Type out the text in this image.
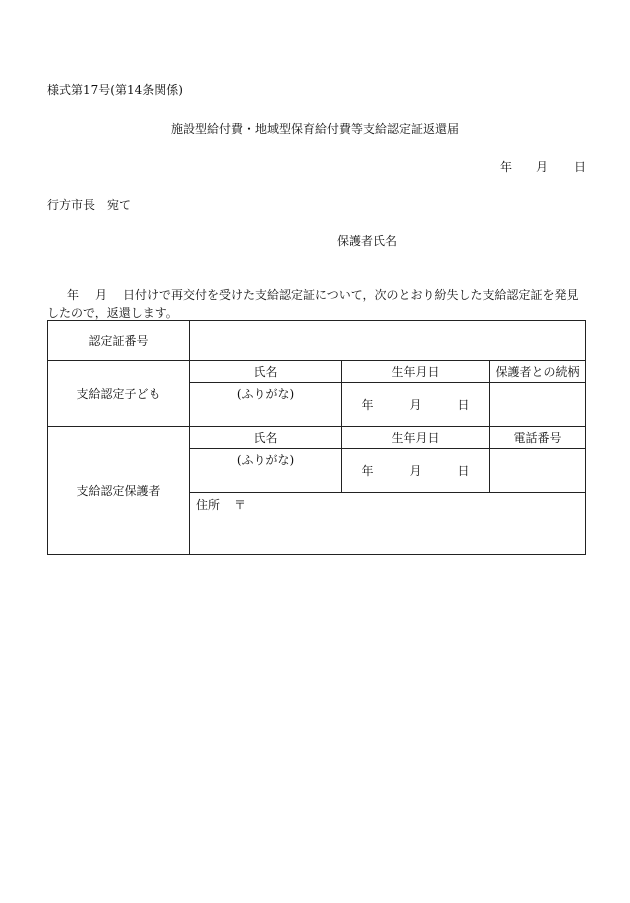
様式第17号(第14条関係)
施設型給付費・地域型保育給付費等支給認定証返還届
年 月 日
行方市長　宛て
保護者氏名
年 月 日付けで再交付を受けた支給認定証について，次のとおり紛失した支給認定証を発見したので，返還します。
認定証番号			
支給認定子ども	氏名	生年月日	保護者との続柄
	(ふりがな)	年 月 日	
支給認定保護者	氏名	生年月日	電話番号
	(ふりがな)	年 月 日	
	住所 〒		
